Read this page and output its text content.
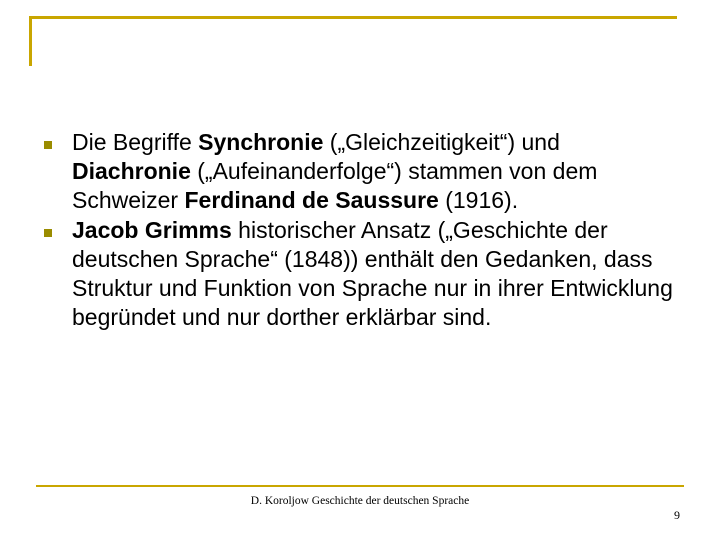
Die Begriffe Synchronie („Gleichzeitigkeit“) und Diachronie („Aufeinanderfolge“) stammen von dem Schweizer Ferdinand de Saussure (1916).
Jacob Grimms historischer Ansatz („Geschichte der deutschen Sprache“ (1848)) enthält den Gedanken, dass Struktur und Funktion von Sprache nur in ihrer Entwicklung begründet und nur dorther erklärbar sind.
D. Koroljow Geschichte der deutschen Sprache
9
